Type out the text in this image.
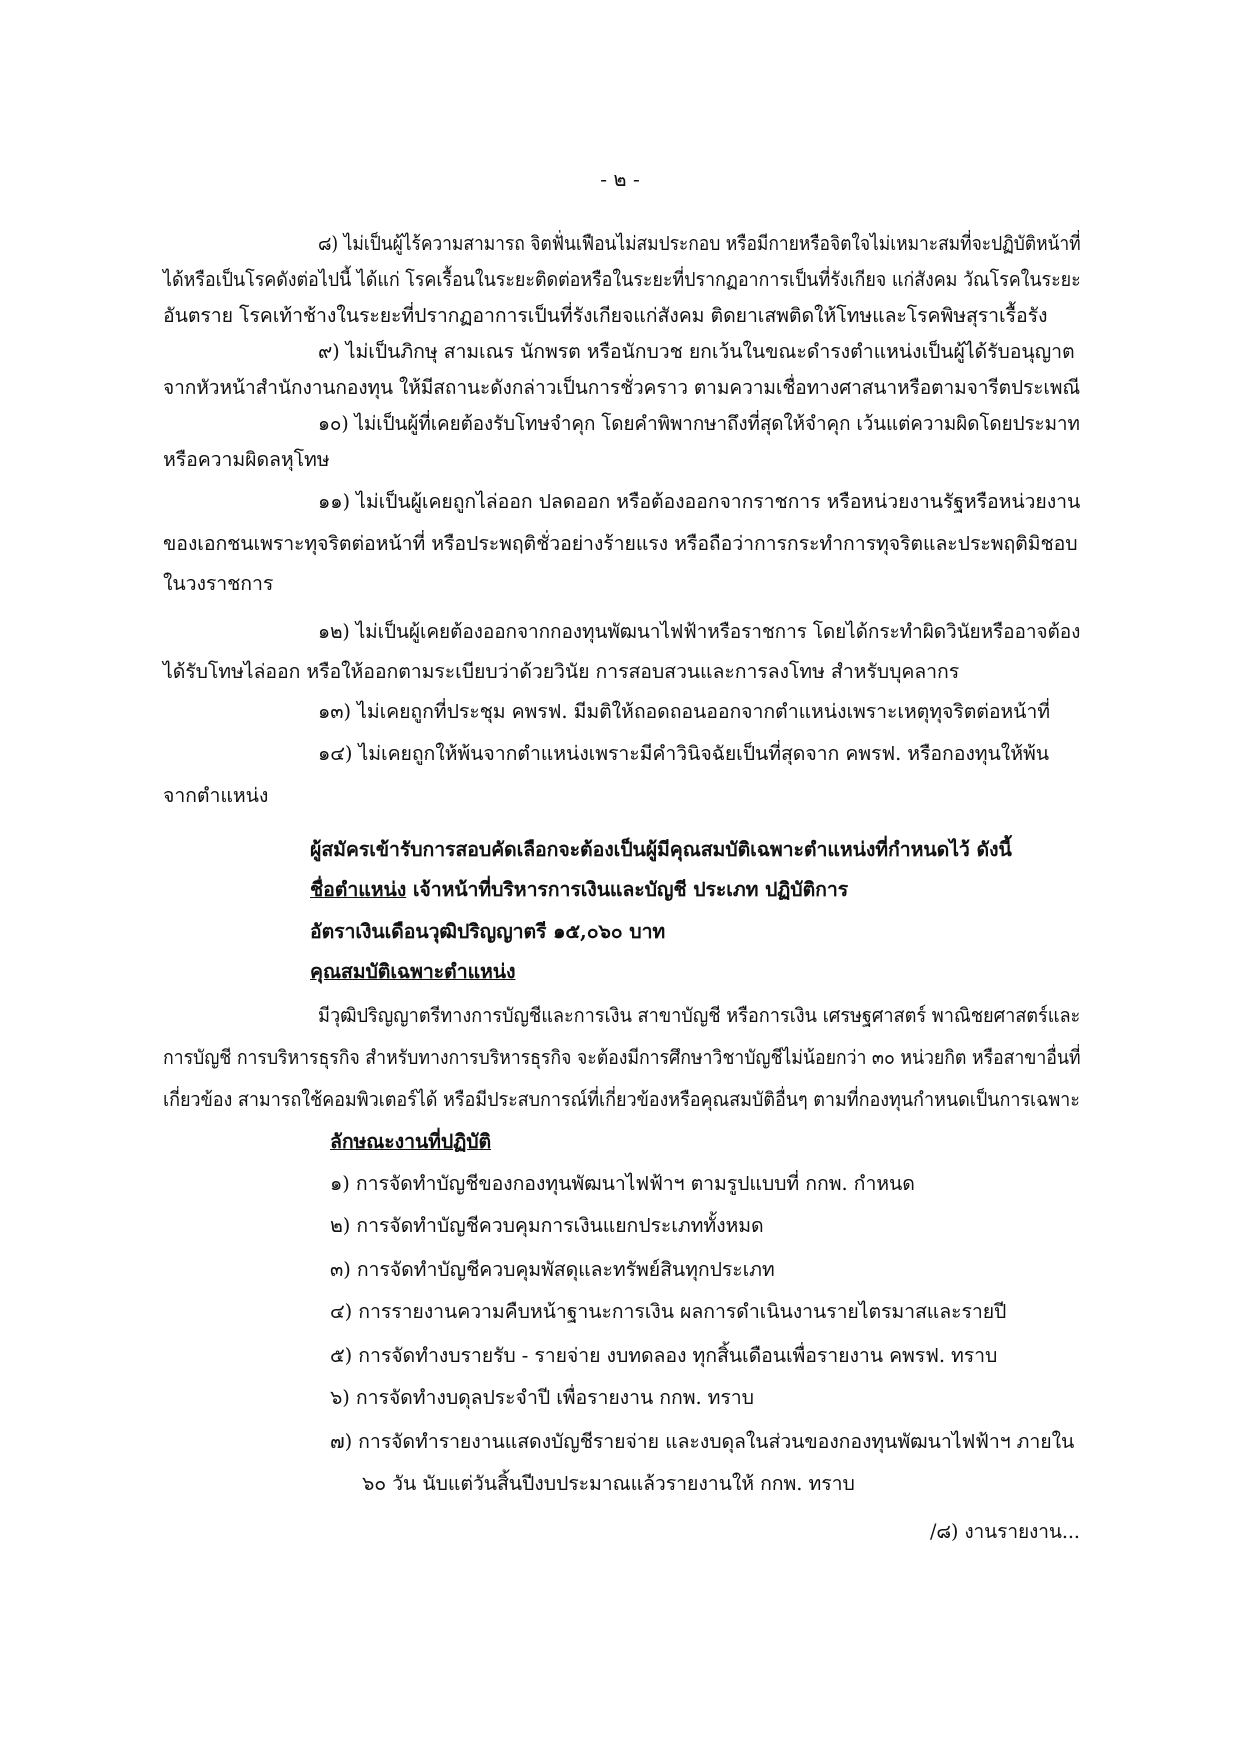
- ๒ -
๘) ไม่เป็นผู้ไร้ความสามารถ จิตฟั่นเฟือนไม่สมประกอบ หรือมีกายหรือจิตใจไม่เหมาะสมที่จะปฏิบัติหน้าที่
ได้หรือเป็นโรคดังต่อไปนี้ ได้แก่ โรคเรื้อนในระยะติดต่อหรือในระยะที่ปรากฏอาการเป็นที่รังเกียจ แก่สังคม วัณโรคในระยะ
อันตราย โรคเท้าช้างในระยะที่ปรากฏอาการเป็นที่รังเกียจแก่สังคม ติดยาเสพติดให้โทษและโรคพิษสุราเรื้อรัง
๙) ไม่เป็นภิกษุ สามเณร นักพรต หรือนักบวช ยกเว้นในขณะดำรงตำแหน่งเป็นผู้ได้รับอนุญาต
จากหัวหน้าสำนักงานกองทุน ให้มีสถานะดังกล่าวเป็นการชั่วคราว ตามความเชื่อทางศาสนาหรือตามจารีตประเพณี
๑๐) ไม่เป็นผู้ที่เคยต้องรับโทษจำคุก โดยคำพิพากษาถึงที่สุดให้จำคุก เว้นแต่ความผิดโดยประมาท
หรือความผิดลหุโทษ
๑๑) ไม่เป็นผู้เคยถูกไล่ออก ปลดออก หรือต้องออกจากราชการ หรือหน่วยงานรัฐหรือหน่วยงาน
ของเอกชนเพราะทุจริตต่อหน้าที่ หรือประพฤติชั่วอย่างร้ายแรง หรือถือว่าการกระทำการทุจริตและประพฤติมิชอบ
ในวงราชการ
๑๒) ไม่เป็นผู้เคยต้องออกจากกองทุนพัฒนาไฟฟ้าหรือราชการ โดยได้กระทำผิดวินัยหรืออาจต้อง
ได้รับโทษไล่ออก หรือให้ออกตามระเบียบว่าด้วยวินัย การสอบสวนและการลงโทษ สำหรับบุคลากร
๑๓) ไม่เคยถูกที่ประชุม คพรฟ. มีมติให้ถอดถอนออกจากตำแหน่งเพราะเหตุทุจริตต่อหน้าที่
๑๔) ไม่เคยถูกให้พ้นจากตำแหน่งเพราะมีคำวินิจฉัยเป็นที่สุดจาก คพรฟ. หรือกองทุนให้พ้น
จากตำแหน่ง
ผู้สมัครเข้ารับการสอบคัดเลือกจะต้องเป็นผู้มีคุณสมบัติเฉพาะตำแหน่งที่กำหนดไว้ ดังนี้
ชื่อตำแหน่ง เจ้าหน้าที่บริหารการเงินและบัญชี ประเภท ปฏิบัติการ
อัตราเงินเดือนวุฒิปริญญาตรี ๑๕,๐๖๐ บาท
คุณสมบัติเฉพาะตำแหน่ง
มีวุฒิปริญญาตรีทางการบัญชีและการเงิน สาขาบัญชี หรือการเงิน เศรษฐศาสตร์ พาณิชยศาสตร์และ
การบัญชี การบริหารธุรกิจ สำหรับทางการบริหารธุรกิจ จะต้องมีการศึกษาวิชาบัญชีไม่น้อยกว่า ๓๐ หน่วยกิต หรือสาขาอื่นที่
เกี่ยวข้อง สามารถใช้คอมพิวเตอร์ได้ หรือมีประสบการณ์ที่เกี่ยวข้องหรือคุณสมบัติอื่นๆ ตามที่กองทุนกำหนดเป็นการเฉพาะ
ลักษณะงานที่ปฏิบัติ
๑) การจัดทำบัญชีของกองทุนพัฒนาไฟฟ้าฯ ตามรูปแบบที่ กกพ. กำหนด
๒) การจัดทำบัญชีควบคุมการเงินแยกประเภททั้งหมด
๓) การจัดทำบัญชีควบคุมพัสดุและทรัพย์สินทุกประเภท
๔) การรายงานความคืบหน้าฐานะการเงิน ผลการดำเนินงานรายไตรมาสและรายปี
๕) การจัดทำงบรายรับ - รายจ่าย งบทดลอง ทุกสิ้นเดือนเพื่อรายงาน คพรฟ. ทราบ
๖) การจัดทำงบดุลประจำปี เพื่อรายงาน กกพ. ทราบ
๗) การจัดทำรายงานแสดงบัญชีรายจ่าย และงบดุลในส่วนของกองทุนพัฒนาไฟฟ้าฯ ภายใน
๖๐ วัน นับแต่วันสิ้นปีงบประมาณแล้วรายงานให้ กกพ. ทราบ
/๘) งานรายงาน...
